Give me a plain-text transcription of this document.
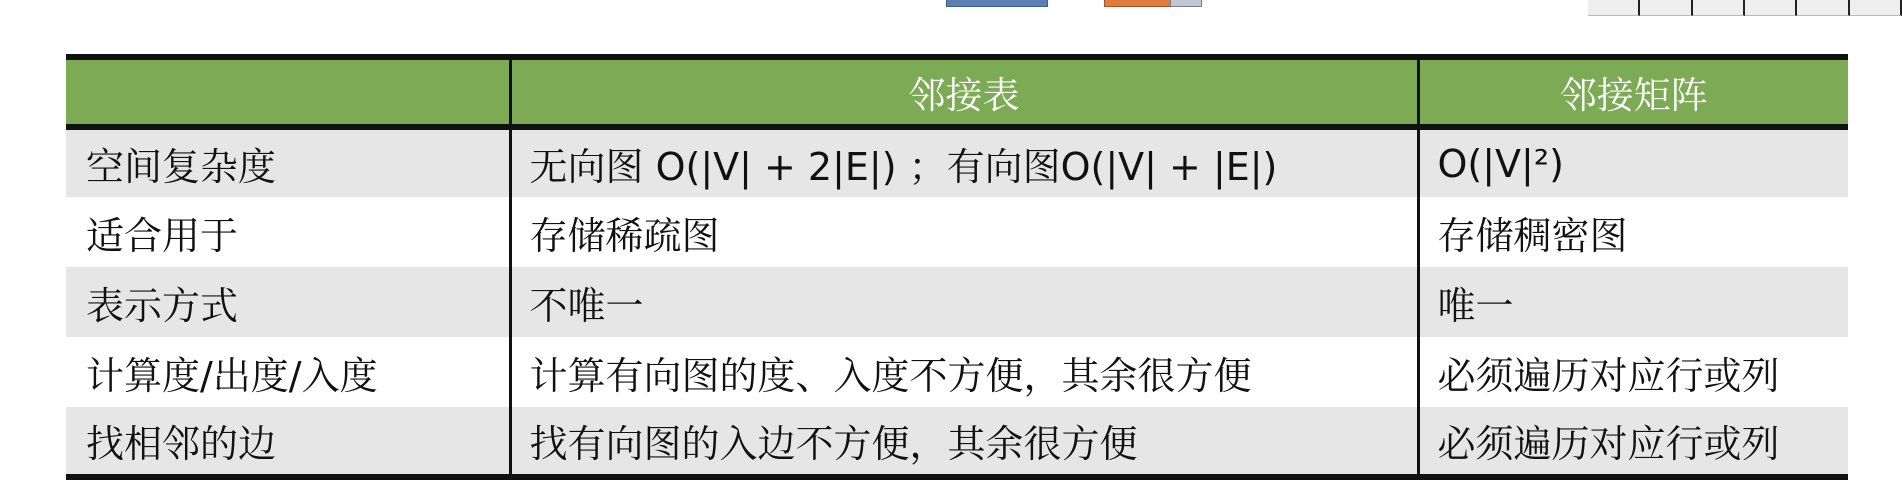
	邻接表	邻接矩阵
空间复杂度	无向图 O(|V| + 2|E|) ；有向图O(|V| + |E|)	O(|V|²)
适合用于	存储稀疏图	存储稠密图
表示方式	不唯一	唯一
计算度/出度/入度	计算有向图的度、入度不方便，其余很方便	必须遍历对应行或列
找相邻的边	找有向图的入边不方便，其余很方便	必须遍历对应行或列
